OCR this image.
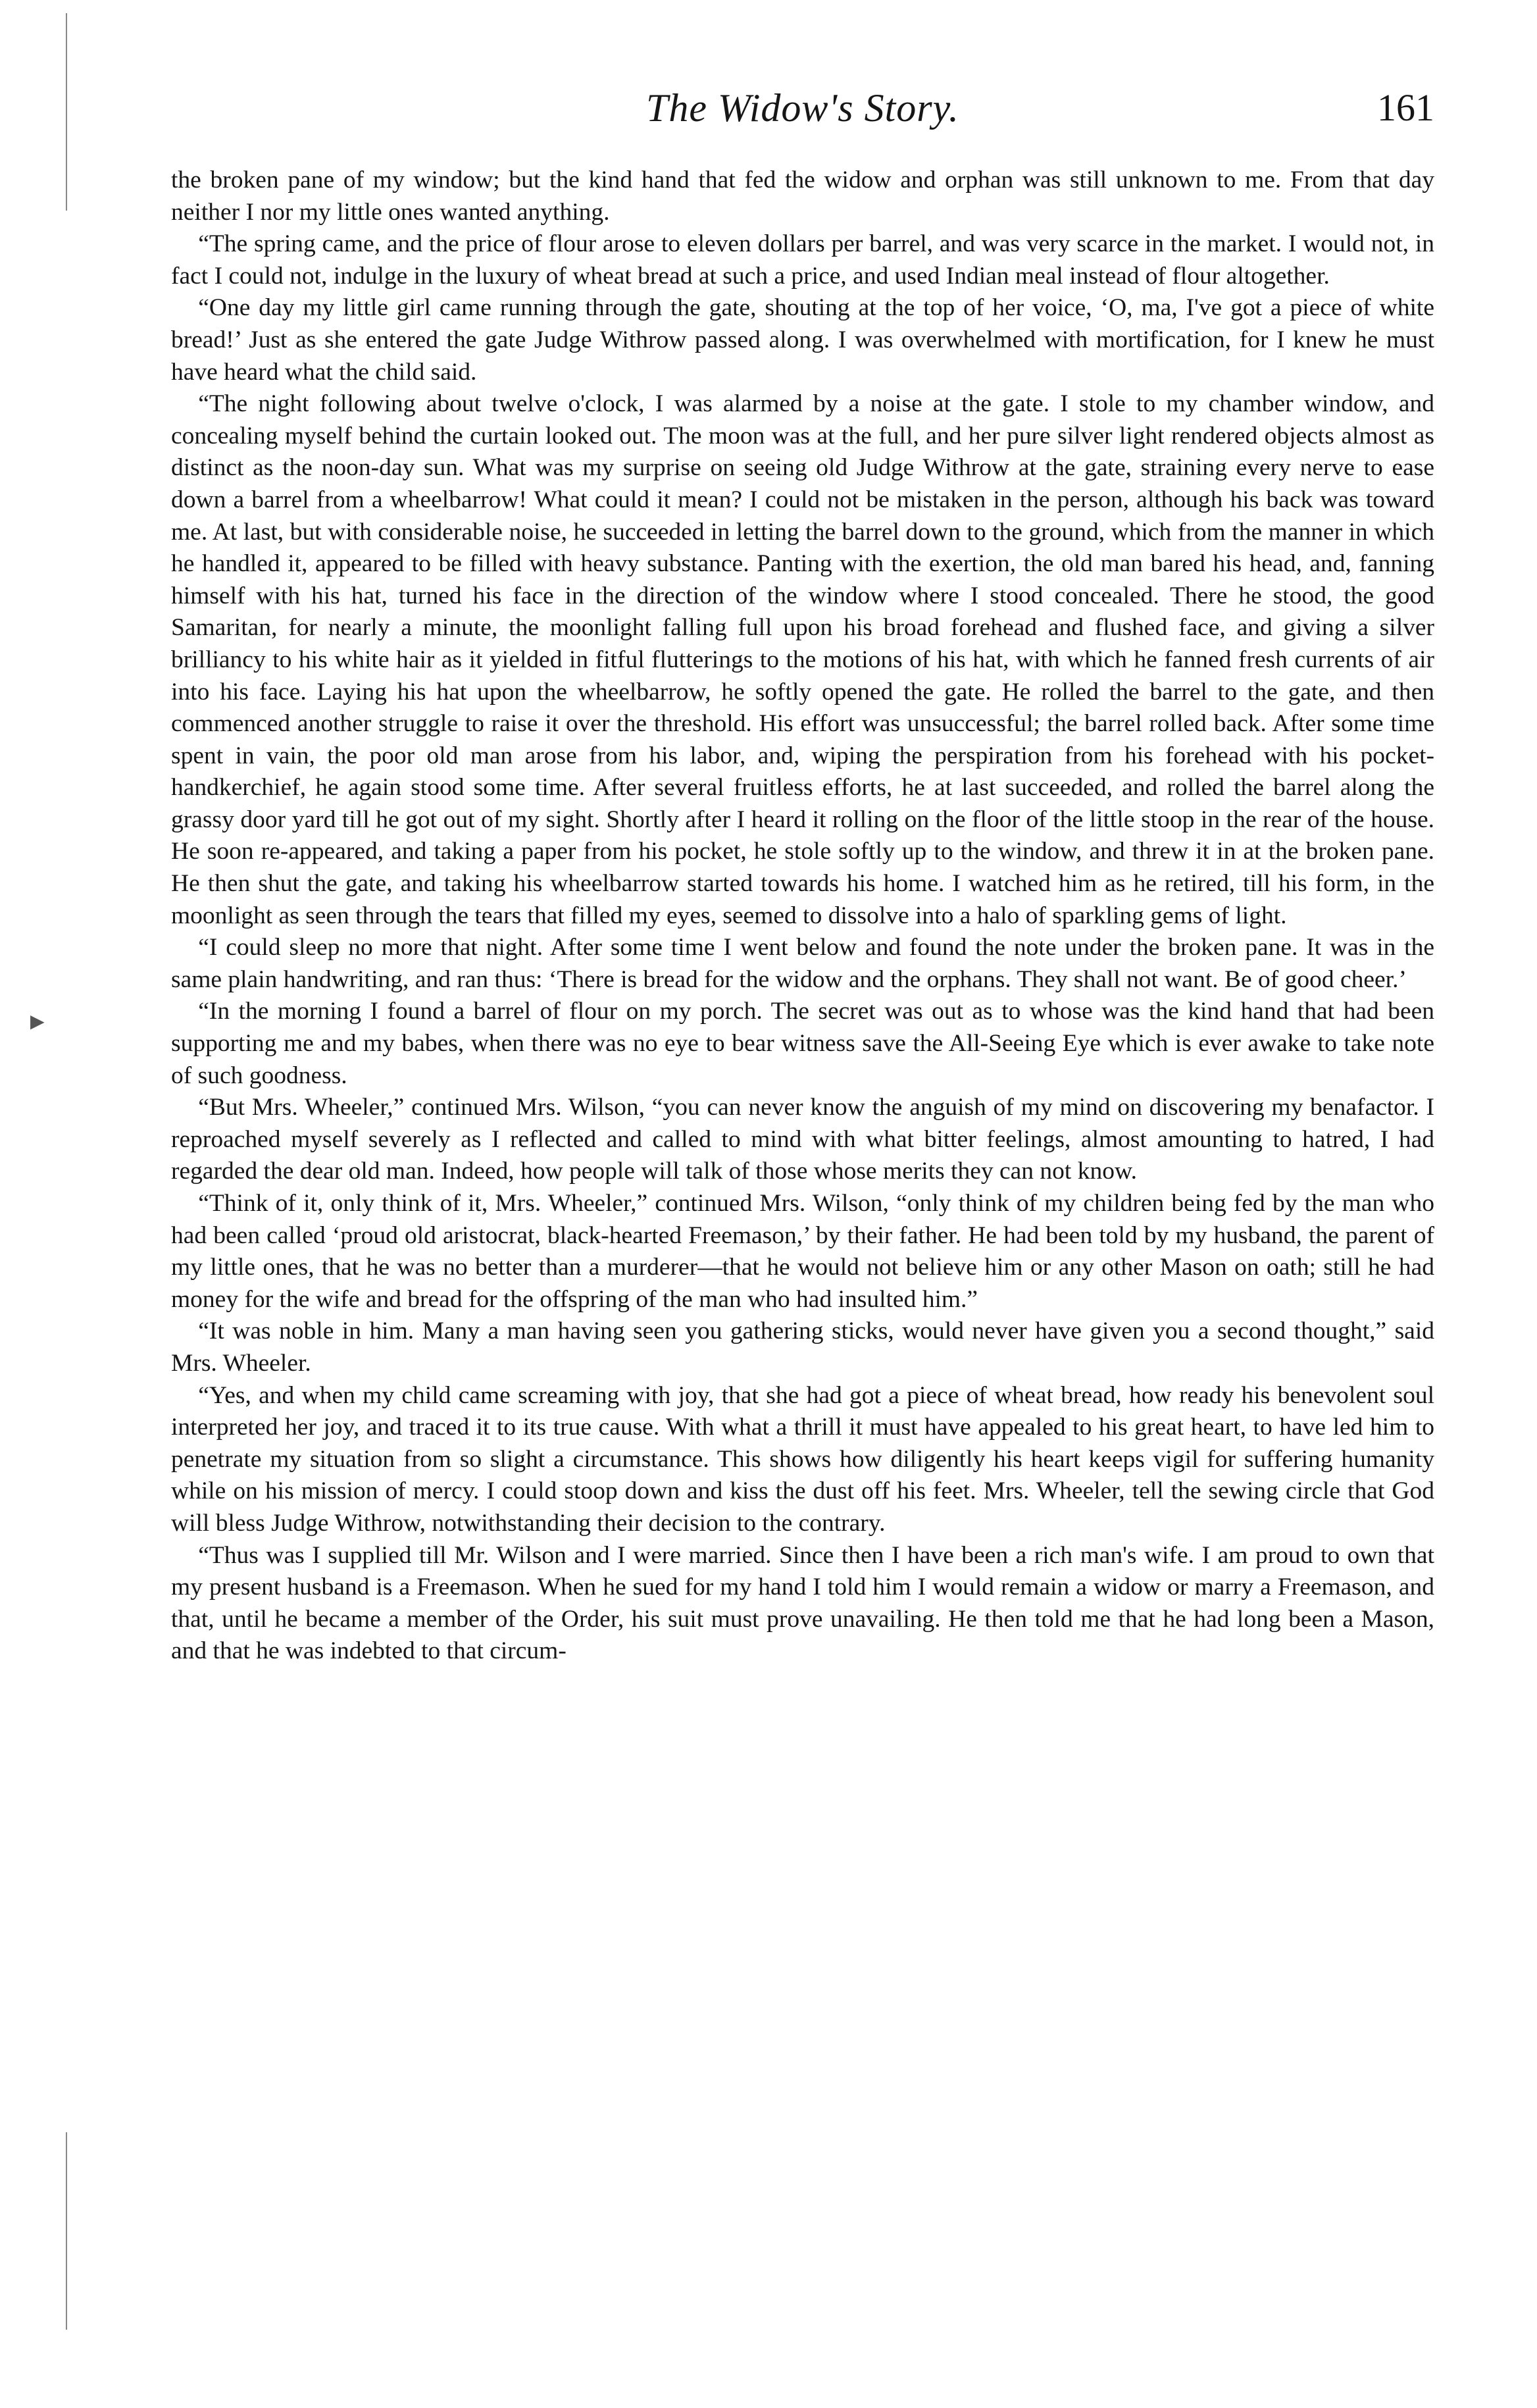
▶
The Widow's Story.	161

the broken pane of my window; but the kind hand that fed the widow and orphan was still unknown to me. From that day neither I nor my little ones wanted anything.

“The spring came, and the price of flour arose to eleven dollars per barrel, and was very scarce in the market. I would not, in fact I could not, indulge in the luxury of wheat bread at such a price, and used Indian meal instead of flour altogether.

“One day my little girl came running through the gate, shouting at the top of her voice, ‘O, ma, I've got a piece of white bread!’ Just as she entered the gate Judge Withrow passed along. I was overwhelmed with mortification, for I knew he must have heard what the child said.

“The night following about twelve o'clock, I was alarmed by a noise at the gate. I stole to my chamber window, and concealing myself behind the curtain looked out. The moon was at the full, and her pure silver light rendered objects almost as distinct as the noon-day sun. What was my surprise on seeing old Judge Withrow at the gate, straining every nerve to ease down a barrel from a wheelbarrow! What could it mean? I could not be mistaken in the person, although his back was toward me. At last, but with considerable noise, he succeeded in letting the barrel down to the ground, which from the manner in which he handled it, appeared to be filled with heavy substance. Panting with the exertion, the old man bared his head, and, fanning himself with his hat, turned his face in the direction of the window where I stood concealed. There he stood, the good Samaritan, for nearly a minute, the moonlight falling full upon his broad forehead and flushed face, and giving a silver brilliancy to his white hair as it yielded in fitful flutterings to the motions of his hat, with which he fanned fresh currents of air into his face. Laying his hat upon the wheelbarrow, he softly opened the gate. He rolled the barrel to the gate, and then commenced another struggle to raise it over the threshold. His effort was unsuccessful; the barrel rolled back. After some time spent in vain, the poor old man arose from his labor, and, wiping the perspiration from his forehead with his pocket-handkerchief, he again stood some time. After several fruitless efforts, he at last succeeded, and rolled the barrel along the grassy door yard till he got out of my sight. Shortly after I heard it rolling on the floor of the little stoop in the rear of the house. He soon re-appeared, and taking a paper from his pocket, he stole softly up to the window, and threw it in at the broken pane. He then shut the gate, and taking his wheelbarrow started towards his home. I watched him as he retired, till his form, in the moonlight as seen through the tears that filled my eyes, seemed to dissolve into a halo of sparkling gems of light.

“I could sleep no more that night. After some time I went below and found the note under the broken pane. It was in the same plain handwriting, and ran thus: ‘There is bread for the widow and the orphans. They shall not want. Be of good cheer.’

“In the morning I found a barrel of flour on my porch. The secret was out as to whose was the kind hand that had been supporting me and my babes, when there was no eye to bear witness save the All-Seeing Eye which is ever awake to take note of such goodness.

“But Mrs. Wheeler,” continued Mrs. Wilson, “you can never know the anguish of my mind on discovering my benafactor. I reproached myself severely as I reflected and called to mind with what bitter feelings, almost amounting to hatred, I had regarded the dear old man. Indeed, how people will talk of those whose merits they can not know.

“Think of it, only think of it, Mrs. Wheeler,” continued Mrs. Wilson, “only think of my children being fed by the man who had been called ‘proud old aristocrat, black-hearted Freemason,’ by their father. He had been told by my husband, the parent of my little ones, that he was no better than a murderer—that he would not believe him or any other Mason on oath; still he had money for the wife and bread for the offspring of the man who had insulted him.”

“It was noble in him. Many a man having seen you gathering sticks, would never have given you a second thought,” said Mrs. Wheeler.

“Yes, and when my child came screaming with joy, that she had got a piece of wheat bread, how ready his benevolent soul interpreted her joy, and traced it to its true cause. With what a thrill it must have appealed to his great heart, to have led him to penetrate my situation from so slight a circumstance. This shows how diligently his heart keeps vigil for suffering humanity while on his mission of mercy. I could stoop down and kiss the dust off his feet. Mrs. Wheeler, tell the sewing circle that God will bless Judge Withrow, notwithstanding their decision to the contrary.

“Thus was I supplied till Mr. Wilson and I were married. Since then I have been a rich man's wife. I am proud to own that my present husband is a Freemason. When he sued for my hand I told him I would remain a widow or marry a Freemason, and that, until he became a member of the Order, his suit must prove unavailing. He then told me that he had long been a Mason, and that he was indebted to that circum-
